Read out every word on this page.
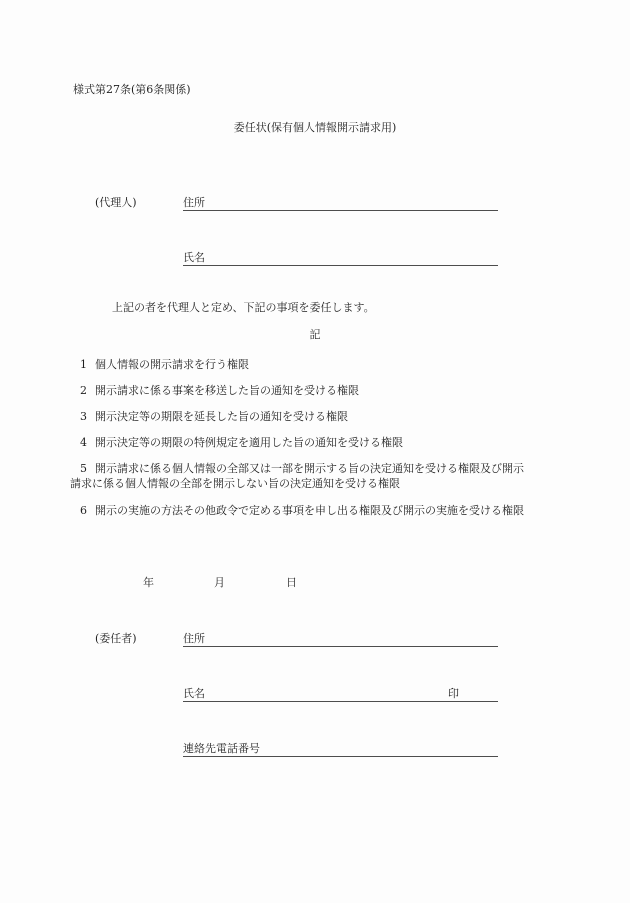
様式第27条(第6条関係)
委任状(保有個人情報開示請求用)
(代理人)	住所
氏名
上記の者を代理人と定め、下記の事項を委任します。
記
1 個人情報の開示請求を行う権限
2 開示請求に係る事案を移送した旨の通知を受ける権限
3 開示決定等の期限を延長した旨の通知を受ける権限
4 開示決定等の期限の特例規定を適用した旨の通知を受ける権限
5 開示請求に係る個人情報の全部又は一部を開示する旨の決定通知を受ける権限及び開示
請求に係る個人情報の全部を開示しない旨の決定通知を受ける権限
6 開示の実施の方法その他政令で定める事項を申し出る権限及び開示の実施を受ける権限
年	月	日
(委任者)	住所
氏名	印
連絡先電話番号
